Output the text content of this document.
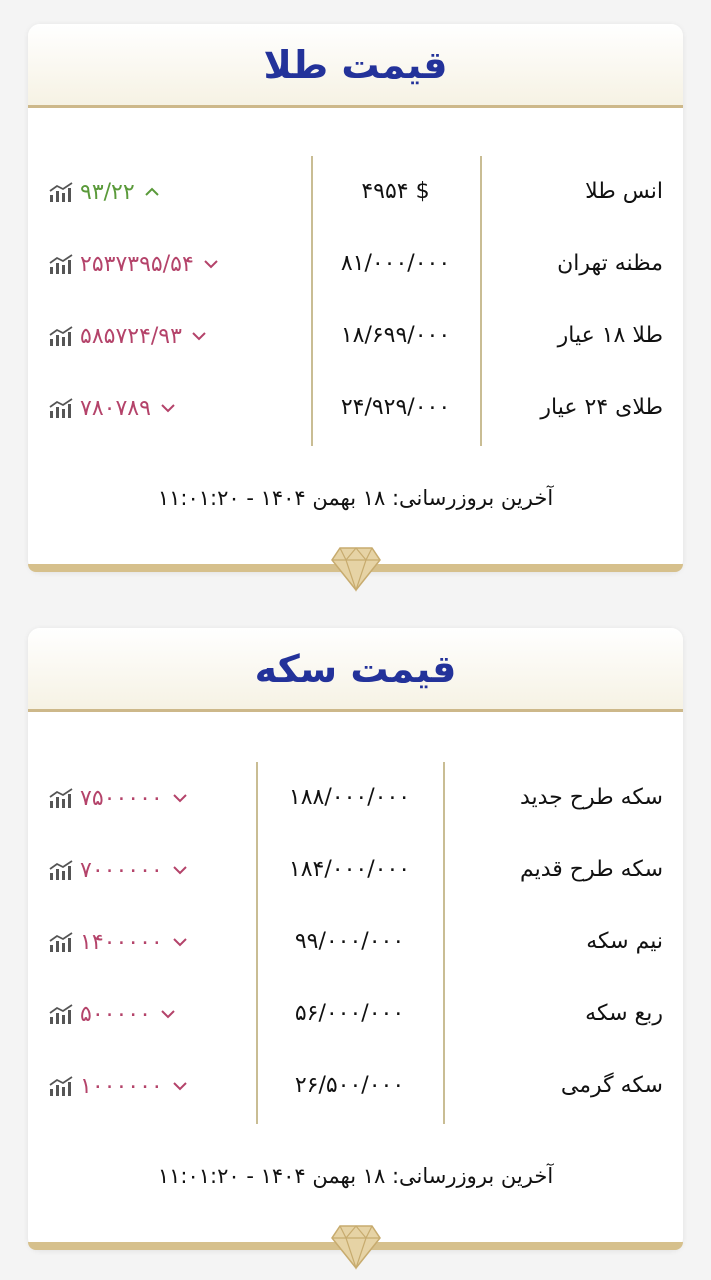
قیمت طلا
انس طلا
$ ۴۹۵۴
۹۳/۲۲
مظنه تهران
۸۱/۰۰۰/۰۰۰
۲۵۳۷۳۹۵/۵۴
طلا ۱۸ عیار
۱۸/۶۹۹/۰۰۰
۵۸۵۷۲۴/۹۳
طلای ۲۴ عیار
۲۴/۹۲۹/۰۰۰
۷۸۰۷۸۹
آخرین بروزرسانی: ۱۸ بهمن ۱۴۰۴ - ۱۱:۰۱:۲۰
قیمت سکه
سکه طرح جدید
۱۸۸/۰۰۰/۰۰۰
۷۵۰۰۰۰۰
سکه طرح قدیم
۱۸۴/۰۰۰/۰۰۰
۷۰۰۰۰۰۰
نیم سکه
۹۹/۰۰۰/۰۰۰
۱۴۰۰۰۰۰
ربع سکه
۵۶/۰۰۰/۰۰۰
۵۰۰۰۰۰
سکه گرمی
۲۶/۵۰۰/۰۰۰
۱۰۰۰۰۰۰
آخرین بروزرسانی: ۱۸ بهمن ۱۴۰۴ - ۱۱:۰۱:۲۰
